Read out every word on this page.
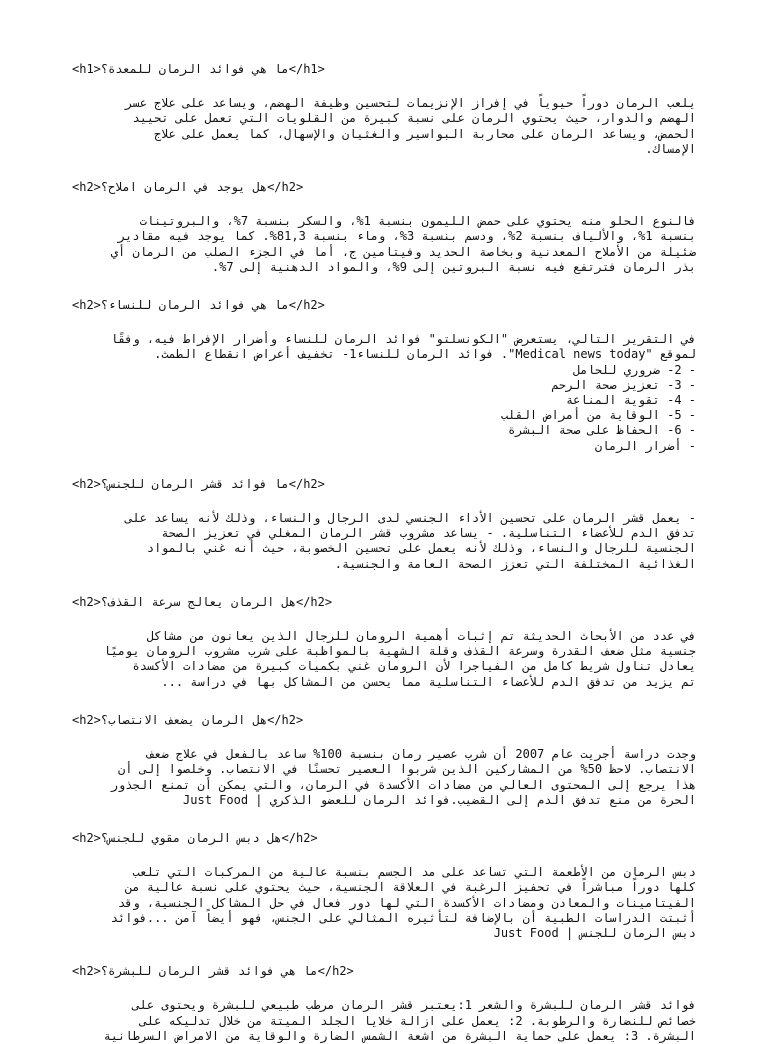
<h1>ما هي فوائد الرمان للمعدة؟</h1>
يلعب الرمان دوراً حيوياً في إفراز الإنزيمات لتحسين وظيفة الهضم، ويساعد على علاج عسر
الهضم والدوار، حيث يحتوي الرمان على نسبة كبيرة من القلويات التي تعمل على تحييد
الحمض، ويساعد الرمان على محاربة البواسير والغثيان والإسهال، كما يعمل على علاج
الإمساك.
<h2>هل يوجد في الرمان املاح؟</h2>
فالنوع الحلو منه يحتوي على حمض الليمون بنسبة 1%، والسكر بنسبة 7%، والبروتينات
بنسبة 1%، والألياف بنسبة 2%، ودسم بنسبة 3%، وماء بنسبة 81,3%. كما يوجد فيه مقادير
ضئيلة من الأملاح المعدنية وبخاصة الحديد وفيتامين ج، أما في الجزء الصلب من الرمان أي
بذر الرمان فترتفع فيه نسبة البروتين إلى 9%، والمواد الدهنية إلى 7%.
<h2>ما هي فوائد الرمان للنساء؟</h2>
في التقرير التالي، يستعرض "الكونسلتو" فوائد الرمان للنساء وأضرار الإفراط فيه، وفقًا
لموقع "Medical news today". فوائد الرمان للنساء1- تخفيف أعراض انقطاع الطمث.
- 2- ضروري للحامل
- 3- تعزيز صحة الرحم
- 4- تقوية المناعة
- 5- الوقاية من أمراض القلب
- 6- الحفاظ على صحة البشرة
- أضرار الرمان
<h2>ما فوائد قشر الرمان للجنس؟</h2>
- يعمل قشر الرمان على تحسين الأداء الجنسي لدى الرجال والنساء، وذلك لأنه يساعد على
تدفق الدم للأعضاء التناسلية. - يساعد مشروب قشر الرمان المغلي في تعزيز الصحة
الجنسية للرجال والنساء، وذلك لأنه يعمل على تحسين الخصوبة، حيث أنه غني بالمواد
الغذائية المختلفة التي تعزز الصحة العامة والجنسية.
<h2>هل الرمان يعالج سرعة القذف؟</h2>
في عدد من الأبحاث الحديثة تم إثبات أهمية الرومان للرجال الذين يعانون من مشاكل
جنسية مثل ضعف القدرة وسرعة القذف وقلة الشهية بالمواظبة على شرب مشروب الرومان يوميًا
يعادل تناول شريط كامل من الفياجرا لأن الرومان غني بكميات كبيرة من مضادات الأكسدة
تم يزيد من تدفق الدم للأعضاء التناسلية مما يحسن من المشاكل بها في دراسة ...
<h2>هل الرمان يضعف الانتصاب؟</h2>
وجدت دراسة أجريت عام 2007 أن شرب عصير رمان بنسبة 100% ساعد بالفعل في علاج ضعف
الانتصاب. لاحظ 50% من المشاركين الذين شربوا العصير تحسنًا في الانتصاب. وخلصوا إلى أن
هذا يرجع إلى المحتوى العالي من مضادات الأكسدة في الرمان، والتي يمكن أن تمنع الجذور
الحرة من منع تدفق الدم إلى القضيب.فوائد الرمان للعضو الذكري | Just Food
<h2>هل دبس الرمان مقوي للجنس؟</h2>
دبس الرمان من الأطعمة التي تساعد على مد الجسم بنسبة عالية من المركبات التي تلعب
كلها دوراً مباشراً في تحفيز الرغبة في العلاقة الجنسية، حيث يحتوي على نسبة عالية من
الفيتامينات والمعادن ومضادات الأكسدة التي لها دور فعال في حل المشاكل الجنسية، وقد
أثبتت الدراسات الطبية أن بالإضافة لتأثيره المثالي على الجنس، فهو أيضاً آمن ...فوائد
دبس الرمان للجنس | Just Food
<h2>ما هي فوائد قشر الرمان للبشرة؟</h2>
فوائد قشر الرمان للبشرة والشعر 1:يعتبر قشر الرمان مرطب طبيعي للبشرة ويحتوى على
خصائص للنضارة والرطوبة. 2: يعمل على ازالة خلايا الجلد الميتة من خلال تدليكه على
البشرة. 3: يعمل على حماية البشرة من اشعة الشمس الضارة والوقاية من الامراض السرطانية
